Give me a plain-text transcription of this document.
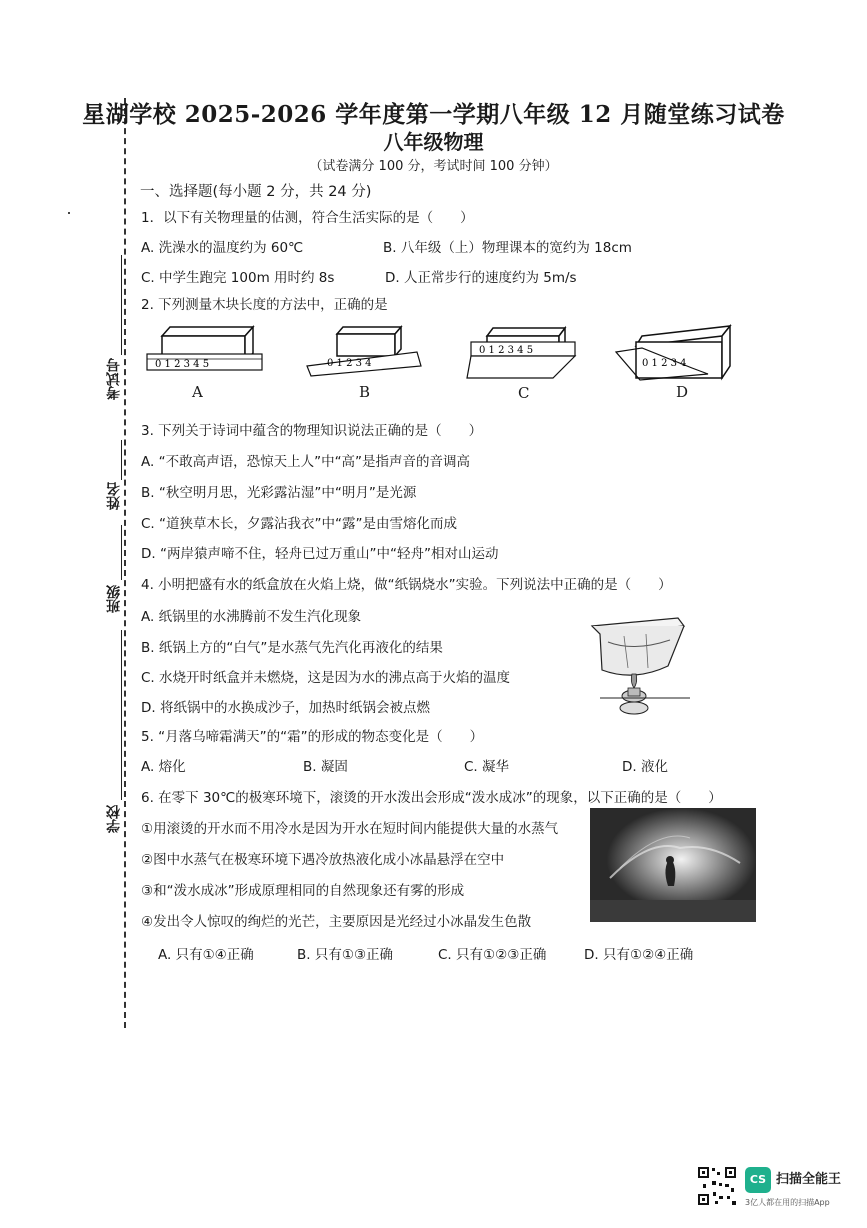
考试号
姓名
班级
学校
星湖学校 2025-2026 学年度第一学期八年级 12 月随堂练习试卷
八年级物理
（试卷满分 100 分，考试时间 100 分钟）
一、选择题(每小题 2 分，共 24 分)
1．以下有关物理量的估测，符合生活实际的是（　　）
A. 洗澡水的温度约为 60℃	B. 八年级（上）物理课本的宽约为 18cm
C. 中学生跑完 100m 用时约 8s	D. 人正常步行的速度约为 5m/s
2. 下列测量木块长度的方法中，正确的是
0 1 2 3 4 5
A
0 1 2 3 4
B
0 1 2 3 4 5
C
0 1 2 3 4
D
3. 下列关于诗词中蕴含的物理知识说法正确的是（　　）
A. “不敢高声语，恐惊天上人”中“高”是指声音的音调高
B. “秋空明月思，光彩露沾湿”中“明月”是光源
C. “道狭草木长，夕露沾我衣”中“露”是由雪熔化而成
D. “两岸猿声啼不住，轻舟已过万重山”中“轻舟”相对山运动
4. 小明把盛有水的纸盒放在火焰上烧，做“纸锅烧水”实验。下列说法中正确的是（　　）
A. 纸锅里的水沸腾前不发生汽化现象
B. 纸锅上方的“白气”是水蒸气先汽化再液化的结果
C. 水烧开时纸盒并未燃烧，这是因为水的沸点高于火焰的温度
D. 将纸锅中的水换成沙子，加热时纸锅会被点燃
5. “月落乌啼霜满天”的“霜”的形成的物态变化是（　　）
A. 熔化	B. 凝固	C. 凝华	D. 液化
6. 在零下 30℃的极寒环境下，滚烫的开水泼出会形成“泼水成冰”的现象，以下正确的是（　　）
①用滚烫的开水而不用冷水是因为开水在短时间内能提供大量的水蒸气
②图中水蒸气在极寒环境下遇冷放热液化成小冰晶悬浮在空中
③和“泼水成冰”形成原理相同的自然现象还有雾的形成
④发出令人惊叹的绚烂的光芒，主要原因是光经过小冰晶发生色散
A. 只有①④正确	B. 只有①③正确	C. 只有①②③正确	D. 只有①②④正确
CS 扫描全能王
3亿人都在用的扫描App
